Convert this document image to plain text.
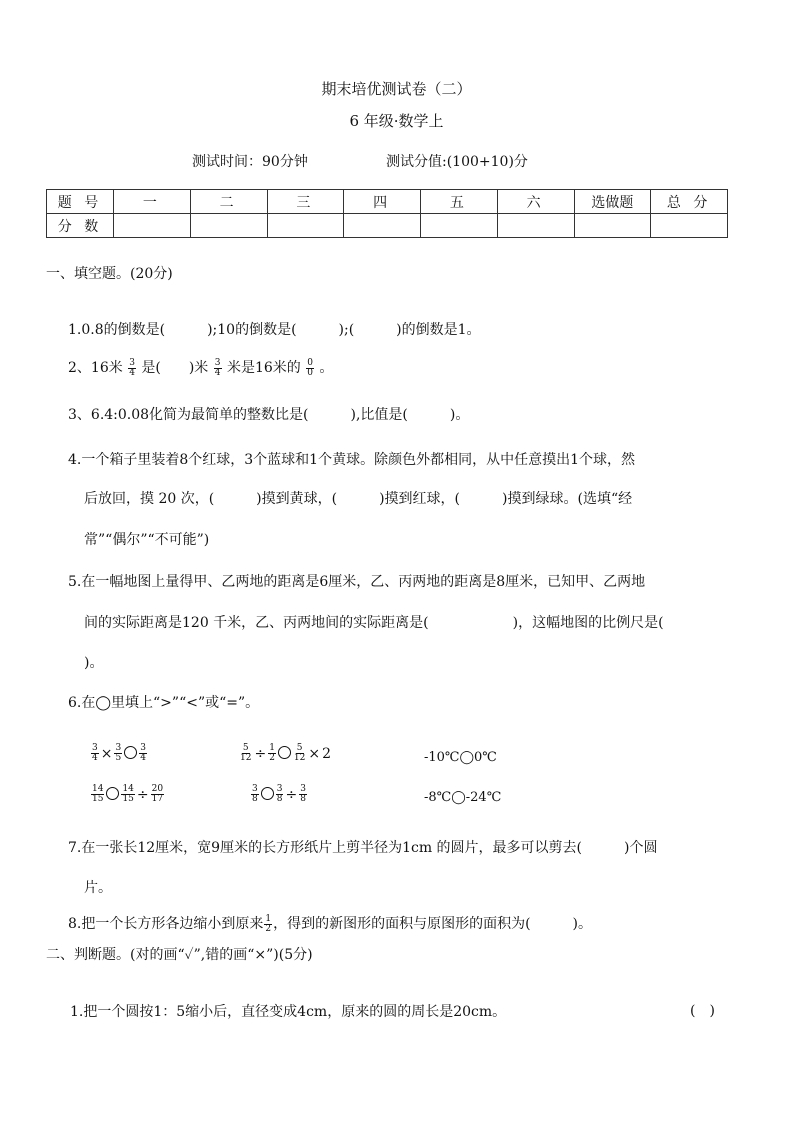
期末培优测试卷（二）
6 年级·数学上
测试时间：90分钟	测试分值:(100+10)分
题 号	一	二	三	四	五	六	选做题	总 分
分 数								
一、填空题。(20分)
1.0.8的倒数是(　　　);10的倒数是(　　　);(　　　)的倒数是1。
2、16米 $\frac{3}{4}$ 是(　　)米 $\frac{3}{4}$ 米是16米的 $\frac{0}{0}$ 。
3、6.4:0.08化简为最简单的整数比是(　　　),比值是(　　　)。
4.一个箱子里装着8个红球，3个蓝球和1个黄球。除颜色外都相同，从中任意摸出1个球，然
后放回，摸 20 次，(　　　)摸到黄球，(　　　)摸到红球，(　　　)摸到绿球。(选填“经
常”“偶尔”“不可能”)
5.在一幅地图上量得甲、乙两地的距离是6厘米，乙、丙两地的距离是8厘米，已知甲、乙两地
间的实际距离是120 千米，乙、丙两地间的实际距离是(　　　　　　)，这幅地图的比例尺是(
)。
6.在◯里填上“>”“<”或“=”。
$\frac{3}{4} \times \frac{3}{5} \frac{3}{4}$	$\frac{5}{12} \div \frac{1}{2} \frac{5}{12} \times 2$	-10℃◯0℃
$\frac{14}{15} \frac{14}{15} \div \frac{20}{17}$	$\frac{3}{8} \frac{3}{8} \div \frac{3}{8}$	-8℃◯-24℃
7.在一张长12厘米，宽9厘米的长方形纸片上剪半径为1cm 的圆片，最多可以剪去(　　　)个圆
片。
8.把一个长方形各边缩小到原来 $\frac{1}{2}$ ，得到的新图形的面积与原图形的面积为(　　　)。
二、判断题。(对的画“✓”,错的画“×”)(5分)
1.把一个圆按1：5缩小后，直径变成4cm，原来的圆的周长是20cm。	(　)
